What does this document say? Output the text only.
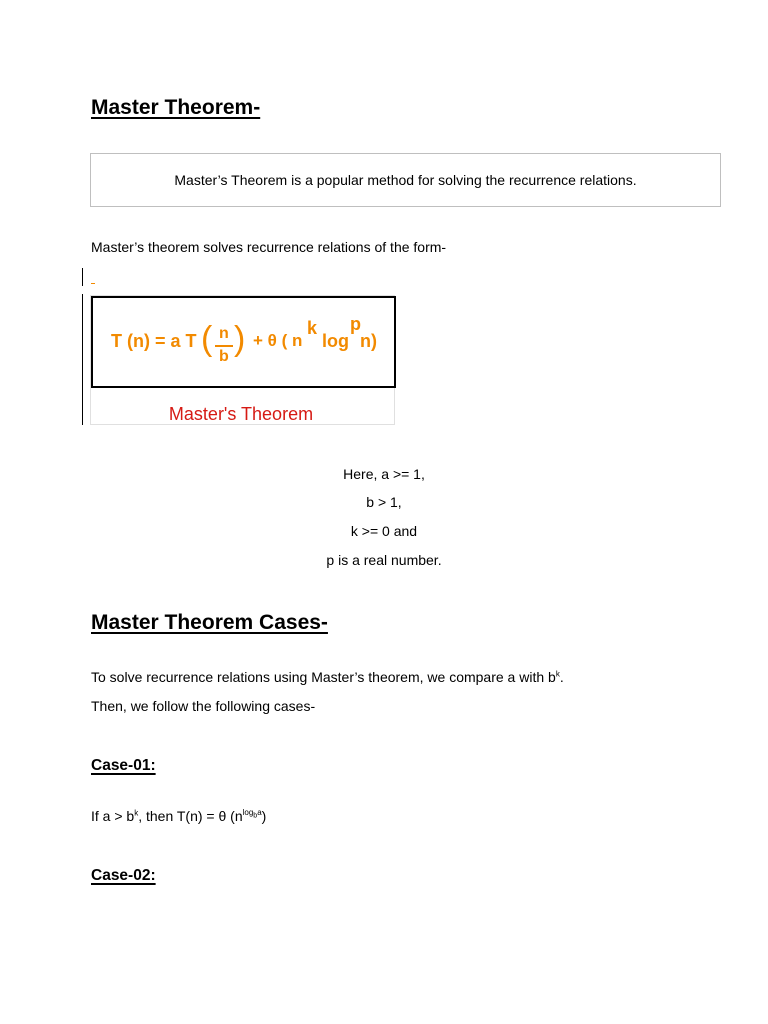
Master Theorem-
Master’s Theorem is a popular method for solving the recurrence relations.
Master’s theorem solves recurrence relations of the form-
T (n) = a T ( n
b ) + θ ( n
k
log
p
n)
Master's Theorem
Here, a >= 1,
b > 1,
k >= 0 and
p is a real number.
Master Theorem Cases-
To solve recurrence relations using Master’s theorem, we compare a with $b^k$.
Then, we follow the following cases-
Case-01:
If $a > b^k$, then T(n) = θ $(n^{logba})$
Case-02:
